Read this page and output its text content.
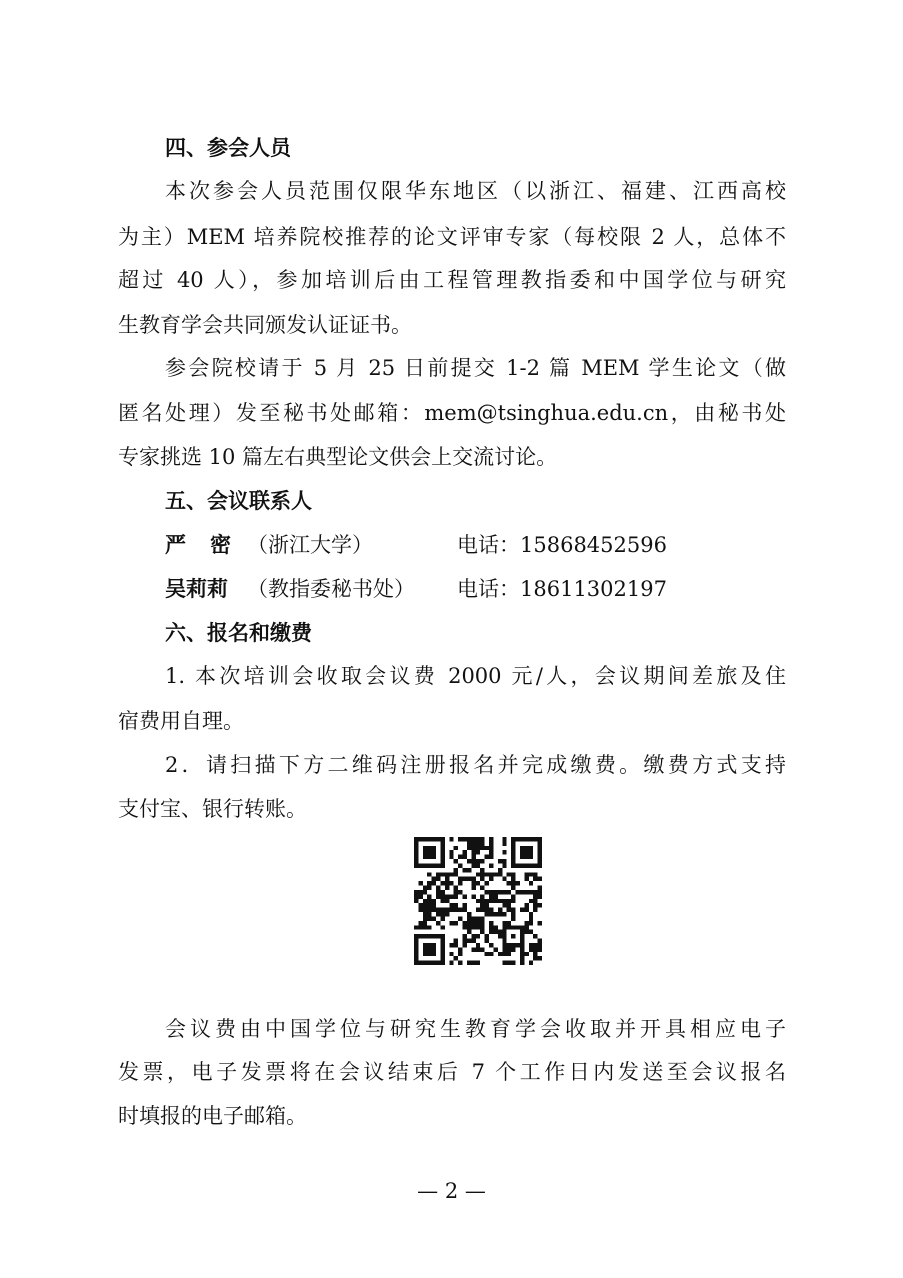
四、参会人员
本次参会人员范围仅限华东地区（以浙江、福建、江西高校
为主）MEM 培养院校推荐的论文评审专家（每校限 2 人，总体不
超过 40 人），参加培训后由工程管理教指委和中国学位与研究
生教育学会共同颁发认证证书。
参会院校请于 5 月 25 日前提交 1-2 篇 MEM 学生论文（做
匿名处理）发至秘书处邮箱：mem@tsinghua.edu.cn，由秘书处
专家挑选 10 篇左右典型论文供会上交流讨论。
五、会议联系人
严密（浙江大学）	电话：15868452596
吴莉莉 （教指委秘书处） 电话：18611302197
六、报名和缴费
1. 本次培训会收取会议费 2000 元/人，会议期间差旅及住
宿费用自理。
2．请扫描下方二维码注册报名并完成缴费。缴费方式支持
支付宝、银行转账。
会议费由中国学位与研究生教育学会收取并开具相应电子
发票，电子发票将在会议结束后 7 个工作日内发送至会议报名
时填报的电子邮箱。
— 2 —
